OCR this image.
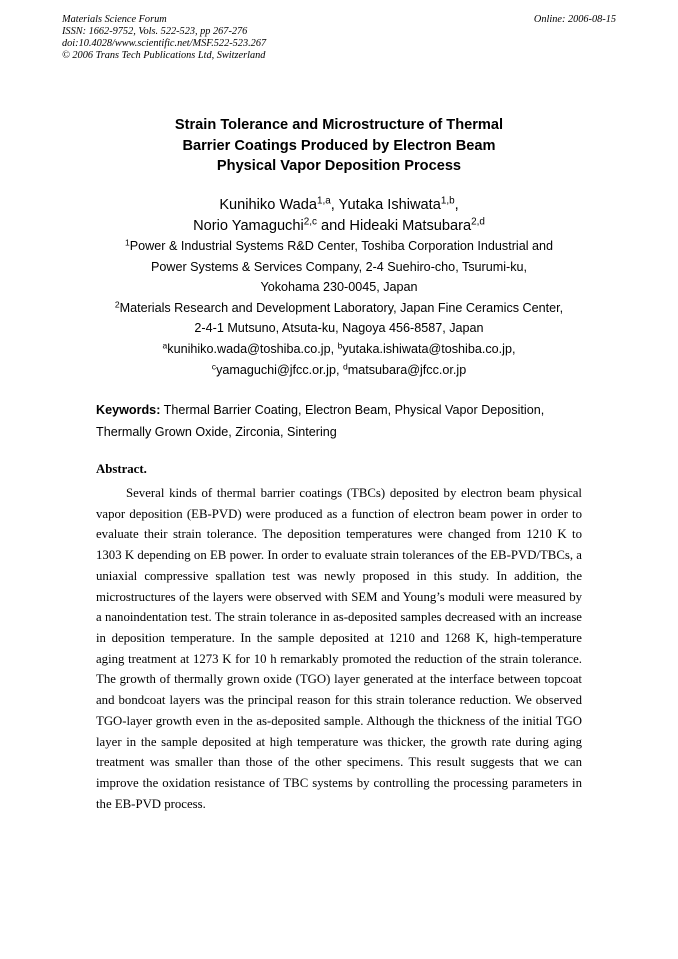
Materials Science Forum
ISSN: 1662-9752, Vols. 522-523, pp 267-276
doi:10.4028/www.scientific.net/MSF.522-523.267
© 2006 Trans Tech Publications Ltd, Switzerland
Online: 2006-08-15
Strain Tolerance and Microstructure of Thermal
Barrier Coatings Produced by Electron Beam
Physical Vapor Deposition Process
Kunihiko Wada$^{1,a}$, Yutaka Ishiwata$^{1,b}$,
Norio Yamaguchi$^{2,c}$ and Hideaki Matsubara$^{2,d}$
$^1$Power & Industrial Systems R&D Center, Toshiba Corporation Industrial and
Power Systems & Services Company, 2-4 Suehiro-cho, Tsurumi-ku,
Yokohama 230-0045, Japan
$^2$Materials Research and Development Laboratory, Japan Fine Ceramics Center,
2-4-1 Mutsuno, Atsuta-ku, Nagoya 456-8587, Japan
$^a$kunihiko.wada@toshiba.co.jp, $^b$yutaka.ishiwata@toshiba.co.jp,
$^c$yamaguchi@jfcc.or.jp, $^d$matsubara@jfcc.or.jp
Keywords: Thermal Barrier Coating, Electron Beam, Physical Vapor Deposition, Thermally Grown Oxide, Zirconia, Sintering
Abstract.

Several kinds of thermal barrier coatings (TBCs) deposited by electron beam physical vapor deposition (EB-PVD) were produced as a function of electron beam power in order to evaluate their strain tolerance. The deposition temperatures were changed from 1210 K to 1303 K depending on EB power. In order to evaluate strain tolerances of the EB-PVD/TBCs, a uniaxial compressive spallation test was newly proposed in this study. In addition, the microstructures of the layers were observed with SEM and Young’s moduli were measured by a nanoindentation test. The strain tolerance in as-deposited samples decreased with an increase in deposition temperature. In the sample deposited at 1210 and 1268 K, high-temperature aging treatment at 1273 K for 10 h remarkably promoted the reduction of the strain tolerance. The growth of thermally grown oxide (TGO) layer generated at the interface between topcoat and bondcoat layers was the principal reason for this strain tolerance reduction. We observed TGO-layer growth even in the as-deposited sample. Although the thickness of the initial TGO layer in the sample deposited at high temperature was thicker, the growth rate during aging treatment was smaller than those of the other specimens. This result suggests that we can improve the oxidation resistance of TBC systems by controlling the processing parameters in the EB-PVD process.
